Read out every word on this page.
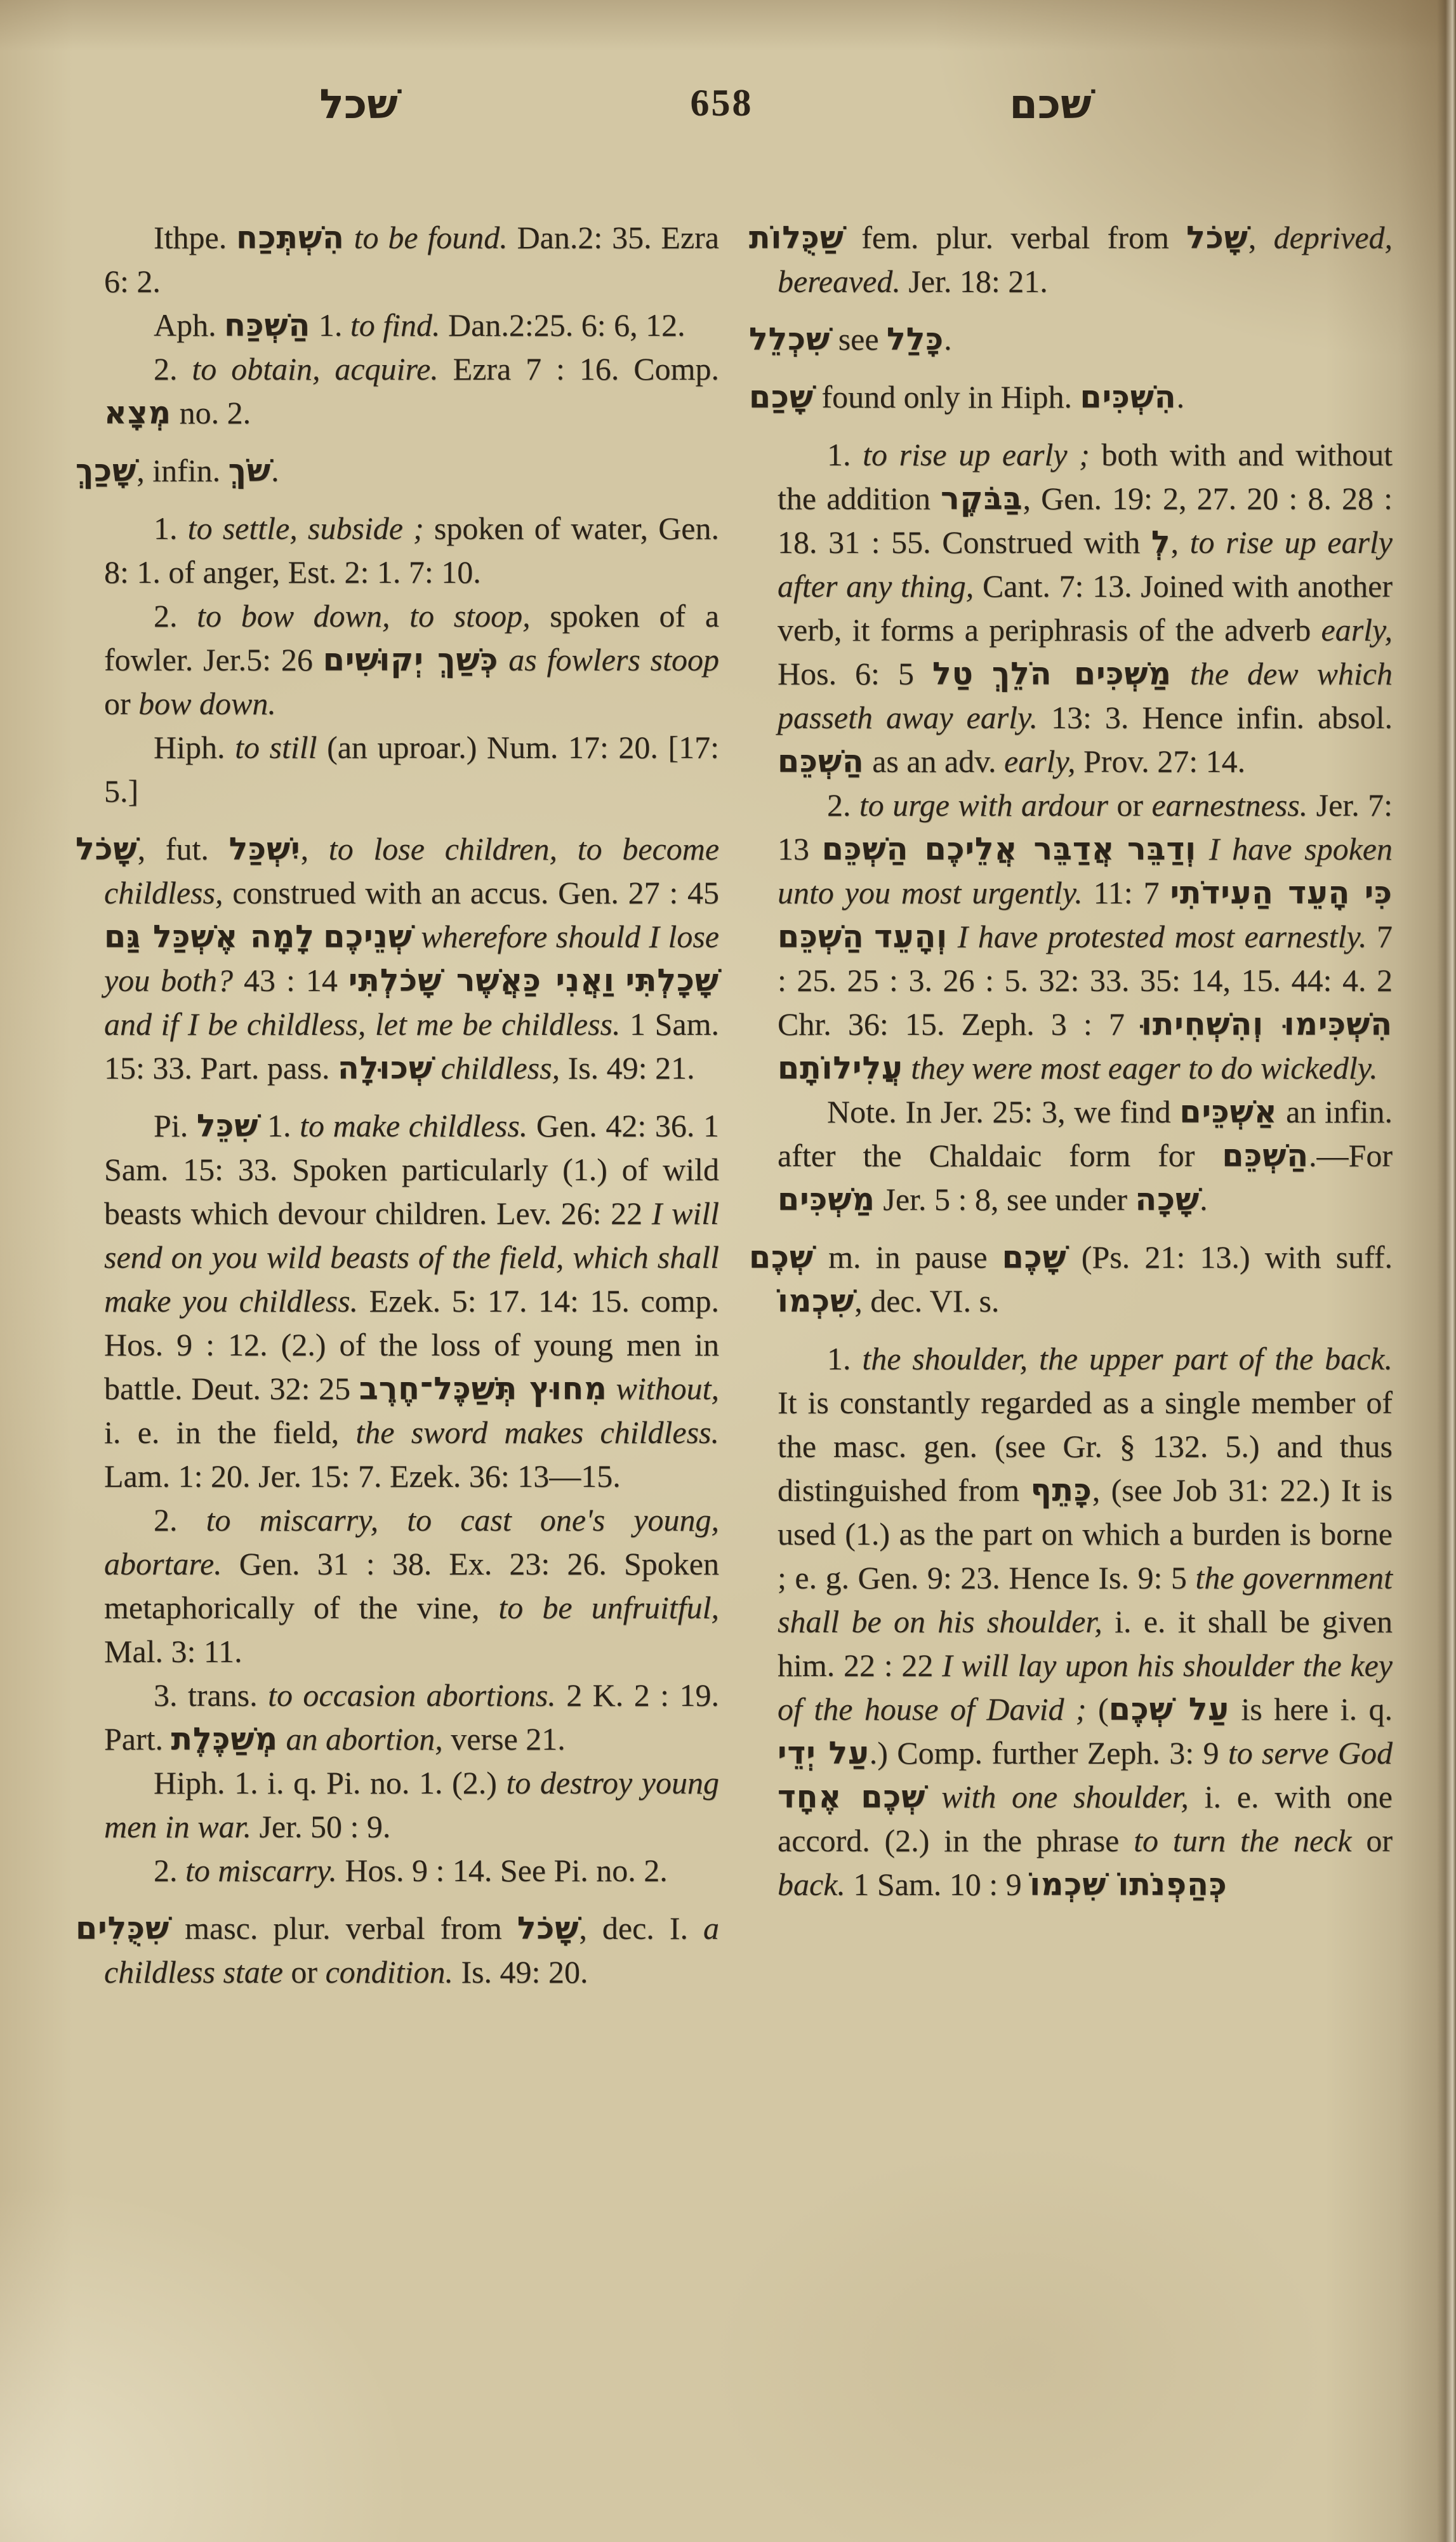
שׁכל	658	שׁכם

Ithpe. הִשְׁתְּכַח to be found. Dan.2: 35. Ezra 6: 2.

Aph. הַשְׁכַּח 1. to find. Dan.2:25. 6: 6, 12.

2. to obtain, acquire. Ezra 7 : 16. Comp. מְצָא no. 2.

שָׁכַךְ, infin. שֹׁךְ.

1. to settle, subside ; spoken of water, Gen. 8: 1. of anger, Est. 2: 1. 7: 10.

2. to bow down, to stoop, spoken of a fowler. Jer.5: 26 כְּשַׁךְ יְקוּשִׁים as fowlers stoop or bow down.

Hiph. to still (an uproar.) Num. 17: 20. [17: 5.]

שָׁכֹל, fut. יִשְׁכַּל, to lose children, to become childless, construed with an accus. Gen. 27 : 45 לָמָה אֶשְׁכַּל גַּם שְׁנֵיכֶם wherefore should I lose you both? 43 : 14 וַאֲנִי כַּאֲשֶׁר שָׁכֹלְתִּי שָׁכָלְתִּי and if I be childless, let me be childless. 1 Sam. 15: 33. Part. pass. שְׁכוּלָה childless, Is. 49: 21.

Pi. שִׁכֵּל 1. to make childless. Gen. 42: 36. 1 Sam. 15: 33. Spoken particularly (1.) of wild beasts which devour children. Lev. 26: 22 I will send on you wild beasts of the field, which shall make you childless. Ezek. 5: 17. 14: 15. comp. Hos. 9 : 12. (2.) of the loss of young men in battle. Deut. 32: 25 מִחוּץ תְּשַׁכֶּל־חֶרֶב without, i. e. in the field, the sword makes childless. Lam. 1: 20. Jer. 15: 7. Ezek. 36: 13—15.

2. to miscarry, to cast one's young, abortare. Gen. 31 : 38. Ex. 23: 26. Spoken metaphorically of the vine, to be unfruitful, Mal. 3: 11.

3. trans. to occasion abortions. 2 K. 2 : 19. Part. מְשַׁכֶּלֶת an abortion, verse 21.

Hiph. 1. i. q. Pi. no. 1. (2.) to destroy young men in war. Jer. 50 : 9.

2. to miscarry. Hos. 9 : 14. See Pi. no. 2.

שִׁכֻּלִים masc. plur. verbal from שָׁכֹל, dec. I. a childless state or condition. Is. 49: 20.

שַׁכֻּלוֹת fem. plur. verbal from שָׁכֹל, deprived, bereaved. Jer. 18: 21.

שִׁכְלֵל see כָּלַל.

שָׁכַם found only in Hiph. הִשְׁכִּים.

1. to rise up early ; both with and without the addition בַּבֹּקֶר, Gen. 19: 2, 27. 20 : 8. 28 : 18. 31 : 55. Construed with לְ, to rise up early after any thing, Cant. 7: 13. Joined with another verb, it forms a periphrasis of the adverb early, Hos. 6: 5 טַל מַשְׁכִּים הֹלֵךְ the dew which passeth away early. 13: 3. Hence infin. absol. הַשְׁכֵּם as an adv. early, Prov. 27: 14.

2. to urge with ardour or earnestness. Jer. 7: 13 אֲדַבֵּר אֲלֵיכֶם הַשְׁכֵּם וְדַבֵּר I have spoken unto you most urgently. 11: 7 כִּי הָעֵד הַעִידֹתִי הַשְׁכֵּם וְהָעֵד I have protested most earnestly. 7 : 25. 25 : 3. 26 : 5. 32: 33. 35: 14, 15. 44: 4. 2 Chr. 36: 15. Zeph. 3 : 7 הִשְׁכִּימוּ וְהִשְׁחִיתוּ עֲלִילוֹתָם they were most eager to do wickedly.

Note. In Jer. 25: 3, we find אַשְׁכֵּים an infin. after the Chaldaic form for הַשְׁכֵּם.—For מַשְׁכִּים Jer. 5 : 8, see under שָׁכָה.

שְׁכֶם m. in pause שָׁכֶם (Ps. 21: 13.) with suff. שִׁכְמוֹ, dec. VI. s.

1. the shoulder, the upper part of the back. It is constantly regarded as a single member of the masc. gen. (see Gr. § 132. 5.) and thus distinguished from כָּתֵף, (see Job 31: 22.) It is used (1.) as the part on which a burden is borne ; e. g. Gen. 9: 23. Hence Is. 9: 5 the government shall be on his shoulder, i. e. it shall be given him. 22 : 22 I will lay upon his shoulder the key of the house of David ; (עַל שְׁכֶם is here i. q. עַל יְדֵי.) Comp. further Zeph. 3: 9 to serve God שְׁכֶם אֶחָד with one shoulder, i. e. with one accord. (2.) in the phrase to turn the neck or back. 1 Sam. 10 : 9 כְּהַפְנֹתוֹ שִׁכְמוֹ
